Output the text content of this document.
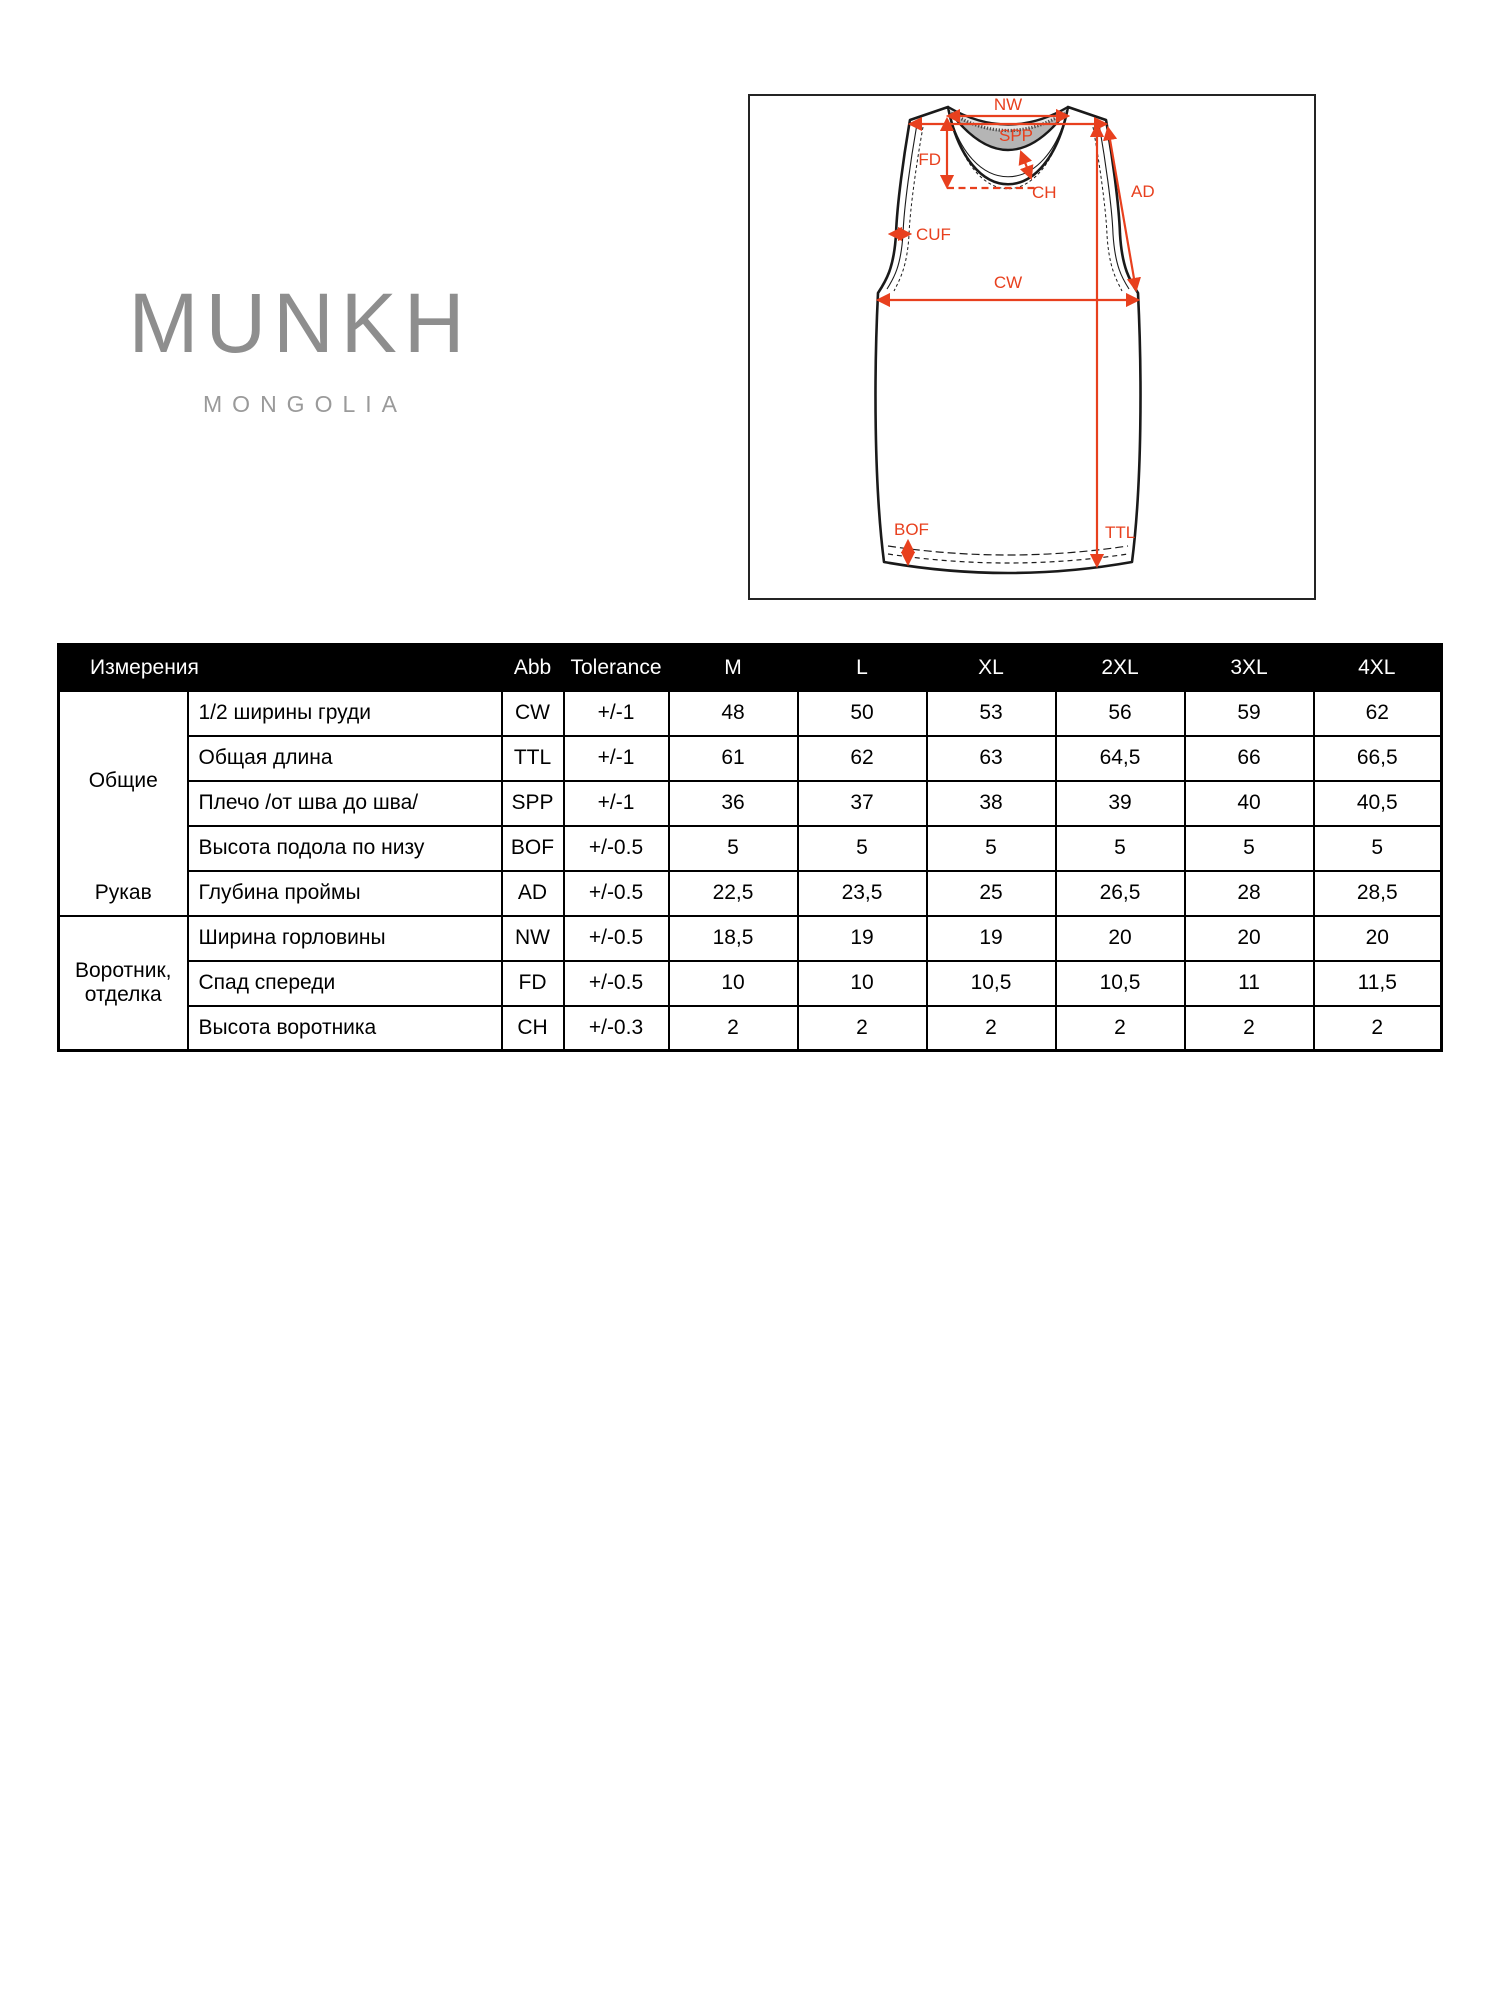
MUNKH
MONGOLIA
NW
SPP
FD
CH	AD
CUF
CW
TTL
BOF
Измерения		Abb	Tolerance	M	L	XL	2XL	3XL	4XL
Общие	1/2 ширины груди	CW	+/-1	48	50	53	56	59	62
	Общая длина	TTL	+/-1	61	62	63	64,5	66	66,5
	Плечо /от шва до шва/	SPP	+/-1	36	37	38	39	40	40,5
	Высота подола по низу	BOF	+/-0.5	5	5	5	5	5	5
Рукав	Глубина проймы	AD	+/-0.5	22,5	23,5	25	26,5	28	28,5
Воротник, отделка	Ширина горловины	NW	+/-0.5	18,5	19	19	20	20	20
	Спад спереди	FD	+/-0.5	10	10	10,5	10,5	11	11,5
	Высота воротника	CH	+/-0.3	2	2	2	2	2	2
